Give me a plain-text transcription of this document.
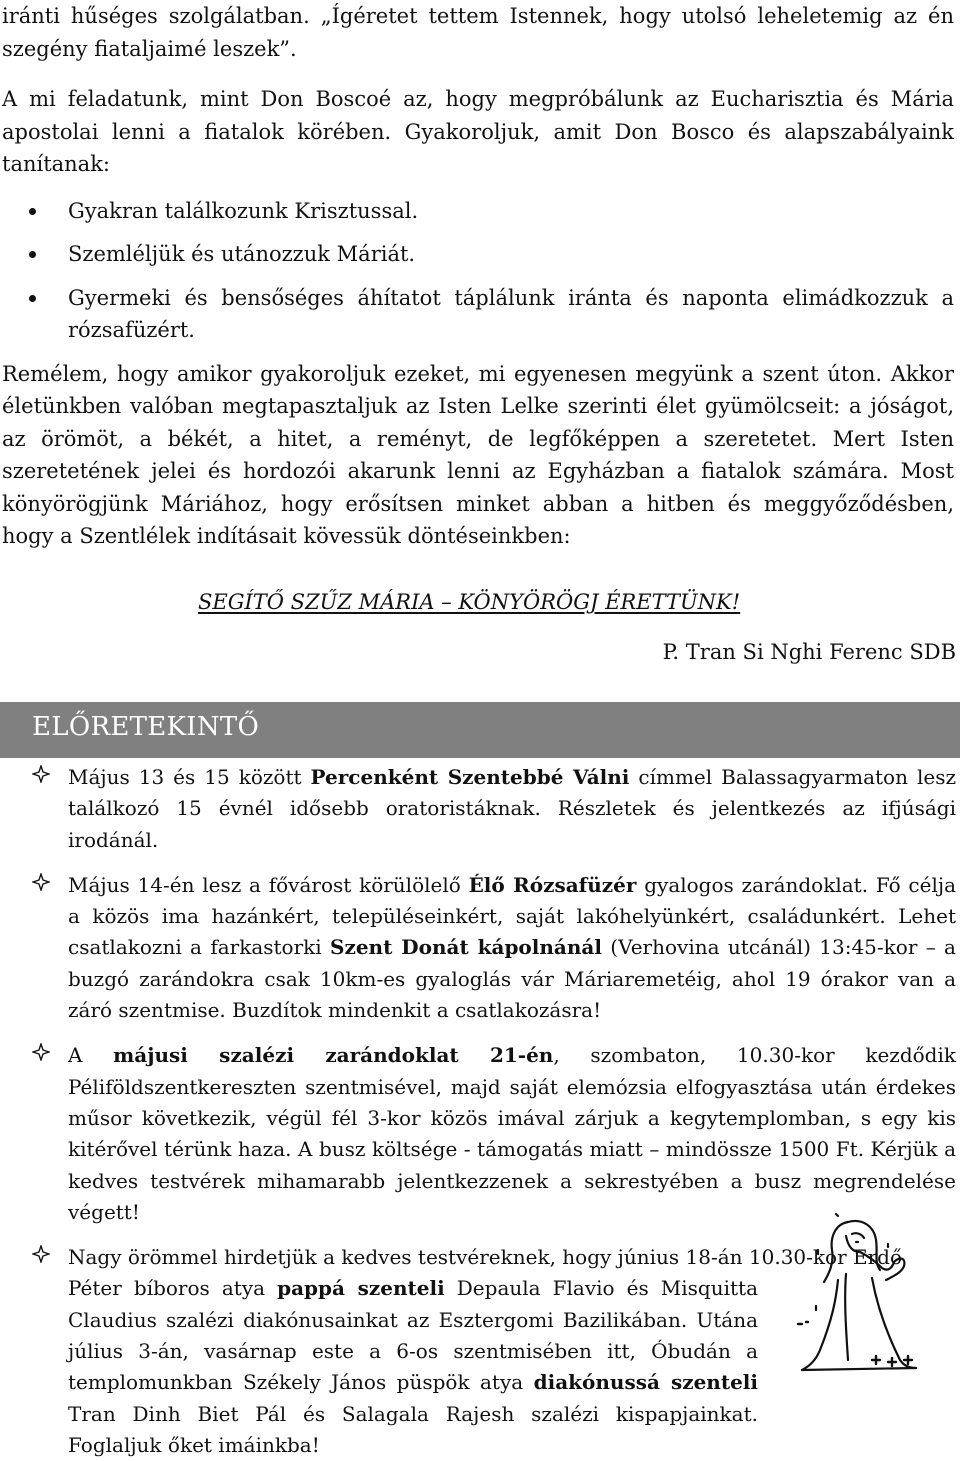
iránti hűséges szolgálatban. „Ígéretet tettem Istennek, hogy utolsó leheletemig az én szegény fiataljaimé leszek”.

A mi feladatunk, mint Don Boscoé az, hogy megpróbálunk az Eucharisztia és Mária apostolai lenni a fiatalok körében. Gyakoroljuk, amit Don Bosco és alapszabályaink tanítanak:

Gyakran találkozunk Krisztussal.
Szemléljük és utánozzuk Máriát.
Gyermeki és bensőséges áhítatot táplálunk iránta és naponta elimádkozzuk a rózsafüzért.

Remélem, hogy amikor gyakoroljuk ezeket, mi egyenesen megyünk a szent úton. Akkor életünkben valóban megtapasztaljuk az Isten Lelke szerinti élet gyümölcseit: a jóságot, az örömöt, a békét, a hitet, a reményt, de legfőképpen a szeretetet. Mert Isten szeretetének jelei és hordozói akarunk lenni az Egyházban a fiatalok számára. Most könyörögjünk Máriához, hogy erősítsen minket abban a hitben és meggyőződésben, hogy a Szentlélek indításait kövessük döntéseinkben:

SEGÍTŐ SZŰZ MÁRIA – KÖNYÖRÖGJ ÉRETTÜNK!
P. Tran Si Nghi Ferenc SDB
ELŐRETEKINTŐ
Május 13 és 15 között Percenként Szentebbé Válni címmel Balassagyarmaton lesz találkozó 15 évnél idősebb oratoristáknak. Részletek és jelentkezés az ifjúsági irodánál.
Május 14-én lesz a fővárost körülölelő Élő Rózsafüzér gyalogos zarándoklat. Fő célja a közös ima hazánkért, településeinkért, saját lakóhelyünkért, családunkért. Lehet csatlakozni a farkastorki Szent Donát kápolnánál (Verhovina utcánál) 13:45-kor – a buzgó zarándokra csak 10km-es gyaloglás vár Máriaremetéig, ahol 19 órakor van a záró szentmise. Buzdítok mindenkit a csatlakozásra!
A májusi szalézi zarándoklat 21-én, szombaton, 10.30-kor kezdődik Péliföldszentkereszten szentmisével, majd saját elemózsia elfogyasztása után érdekes műsor következik, végül fél 3-kor közös imával zárjuk a kegytemplomban, s egy kis kitérővel térünk haza. A busz költsége - támogatás miatt – mindössze 1500 Ft. Kérjük a kedves testvérek mihamarabb jelentkezzenek a sekrestyében a busz megrendelése végett!
Nagy örömmel hirdetjük a kedves testvéreknek, hogy június 18-án 10.30-kor Erdő
Péter bíboros atya pappá szenteli Depaula Flavio és Misquitta Claudius szalézi diakónusainkat az Esztergomi Bazilikában. Utána július 3-án, vasárnap este a 6-os szentmisében itt, Óbudán a templomunkban Székely János püspök atya diakónussá szenteli Tran Dinh Biet Pál és Salagala Rajesh szalézi kispapjainkat. Foglaljuk őket imáinkba!
